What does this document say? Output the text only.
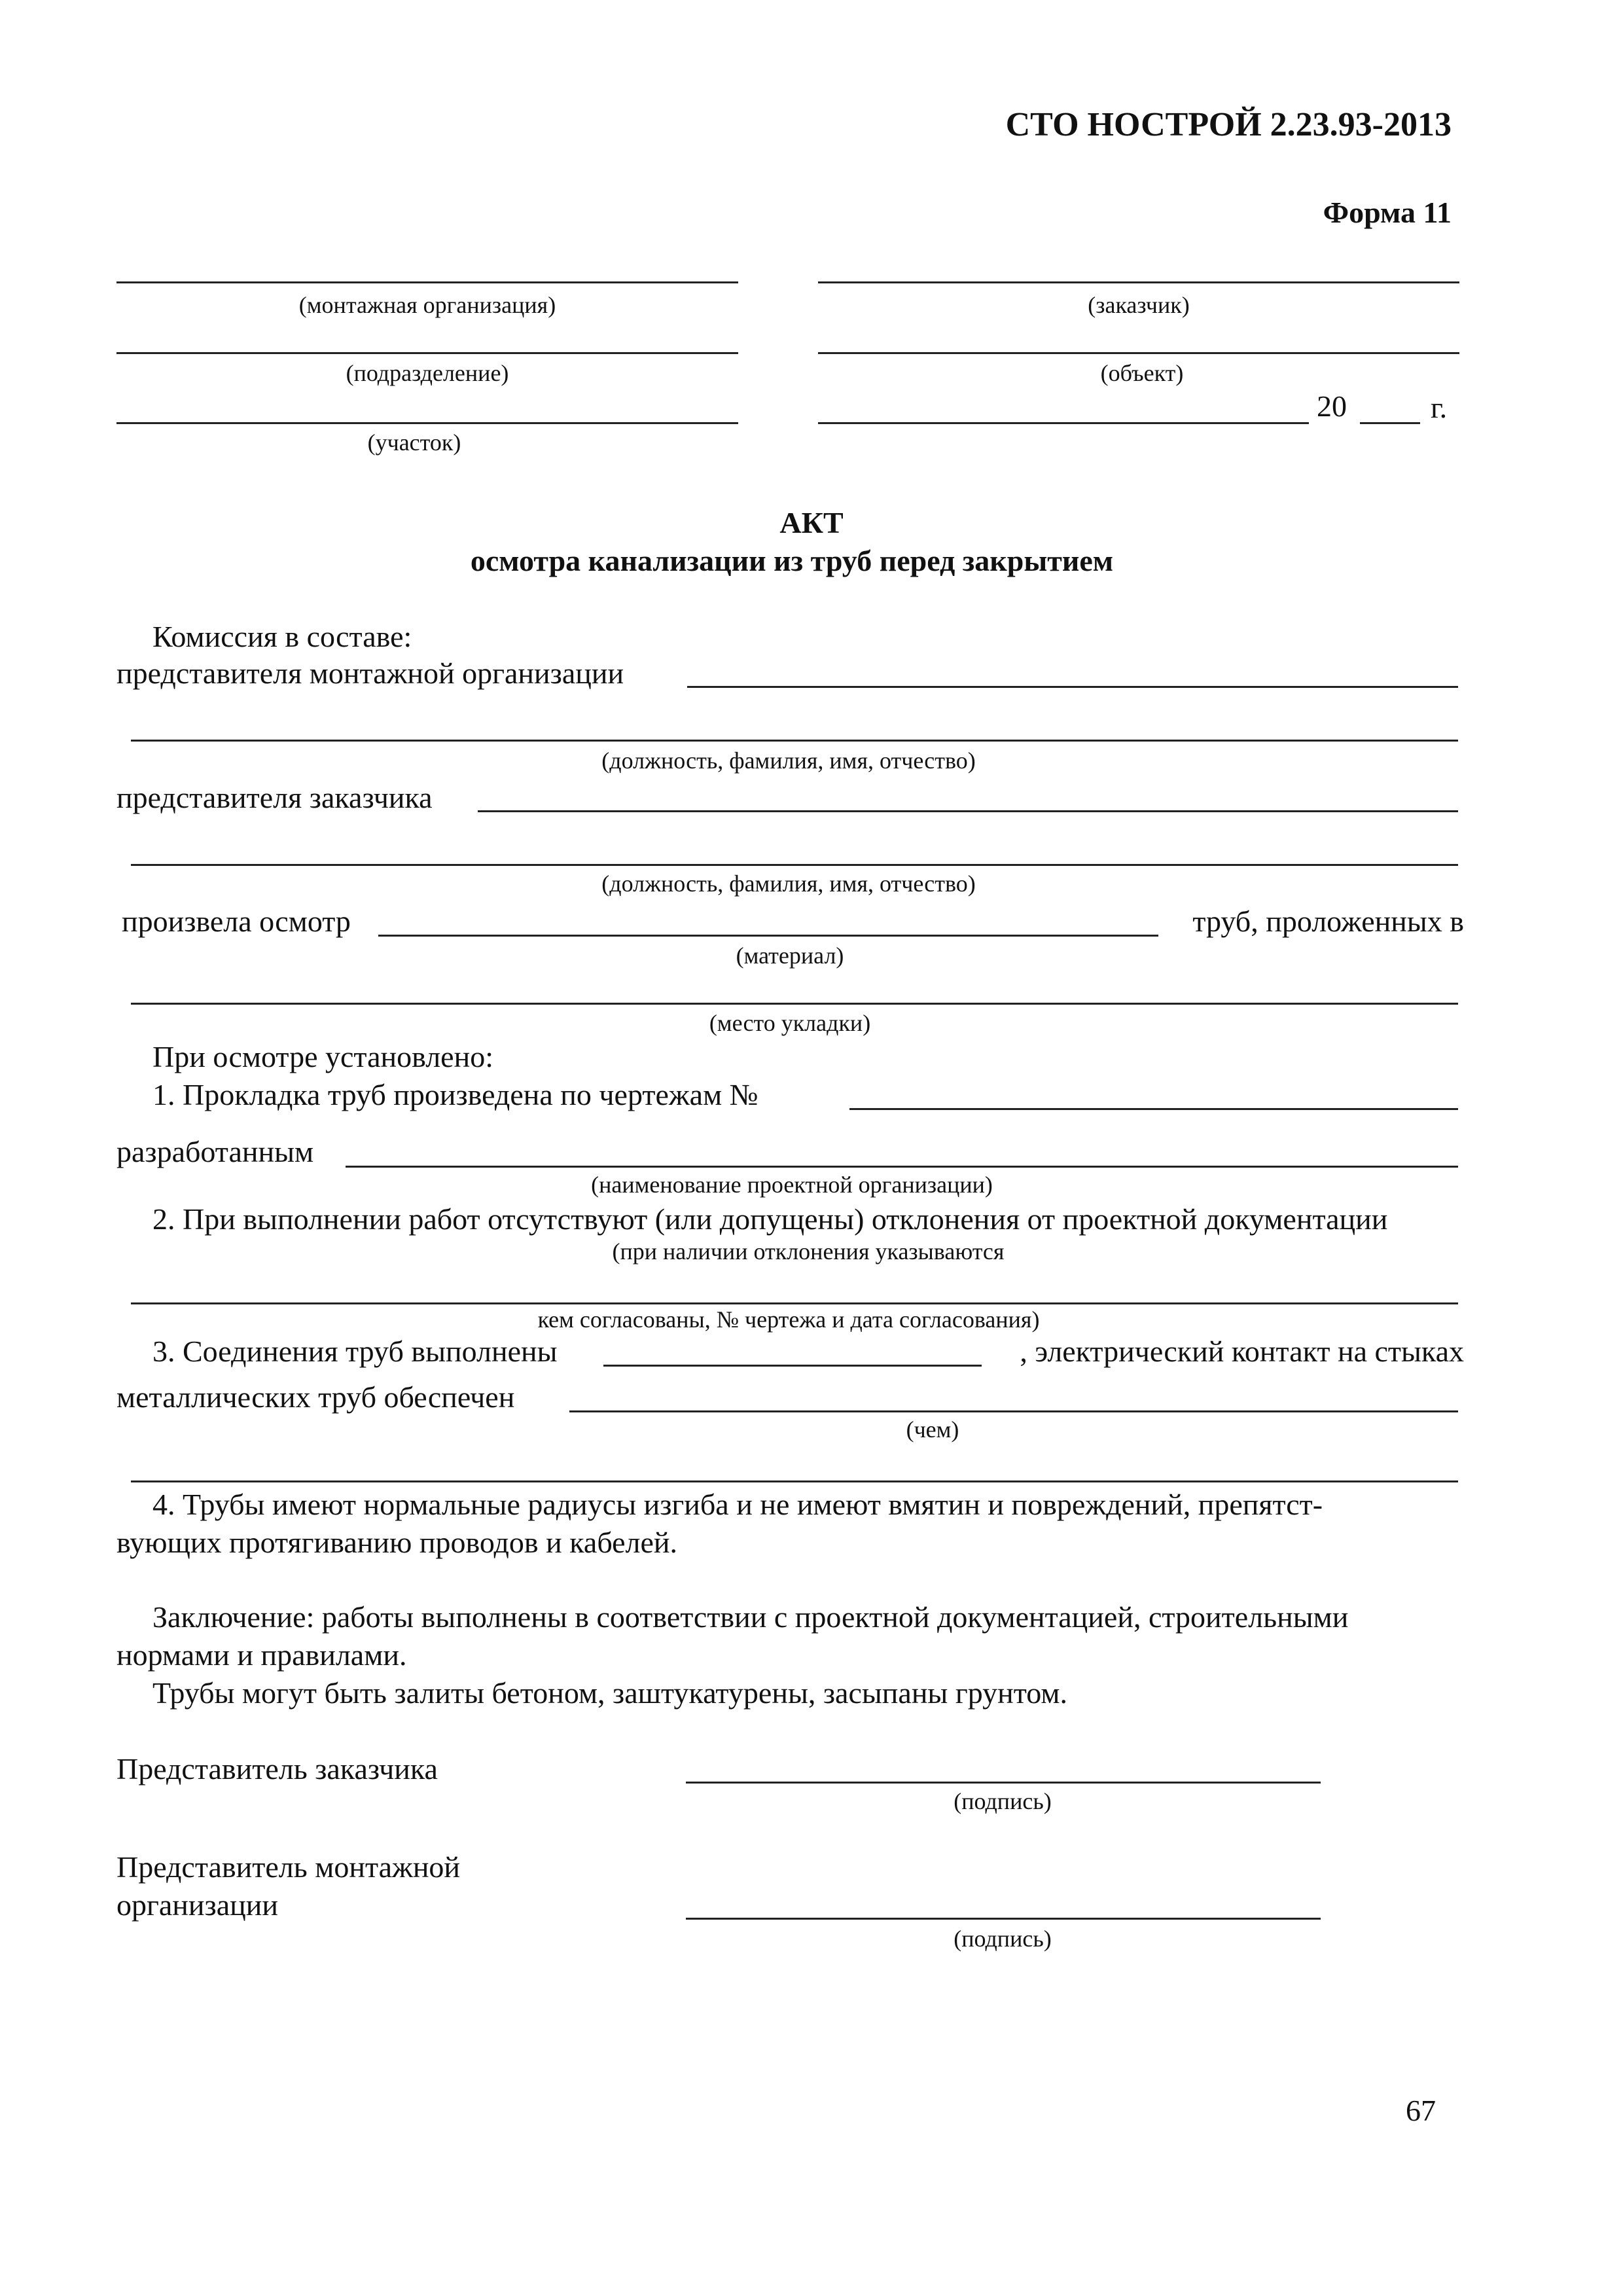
СТО НОСТРОЙ 2.23.93-2013
Форма 11
(монтажная организация)	(заказчик)
(подразделение)	(объект)
(участок)
20	г.
АКТ
осмотра канализации из труб перед закрытием
Комиссия в составе:
представителя монтажной организации
(должность, фамилия, имя, отчество)
представителя заказчика
(должность, фамилия, имя, отчество)
произвела осмотр	труб, проложенных в
(материал)
(место укладки)
При осмотре установлено:
1. Прокладка труб произведена по чертежам №
разработанным
(наименование проектной организации)
2. При выполнении работ отсутствуют (или допущены) отклонения от проектной документации
(при наличии отклонения указываются
кем согласованы, № чертежа и дата согласования)
3. Соединения труб выполнены	, электрический контакт на стыках
металлических труб обеспечен
(чем)
4. Трубы имеют нормальные радиусы изгиба и не имеют вмятин и повреждений, препятст-
вующих протягиванию проводов и кабелей.
Заключение: работы выполнены в соответствии с проектной документацией, строительными
нормами и правилами.
Трубы могут быть залиты бетоном, заштукатурены, засыпаны грунтом.
Представитель заказчика
(подпись)
Представитель монтажной
организации
(подпись)
67
